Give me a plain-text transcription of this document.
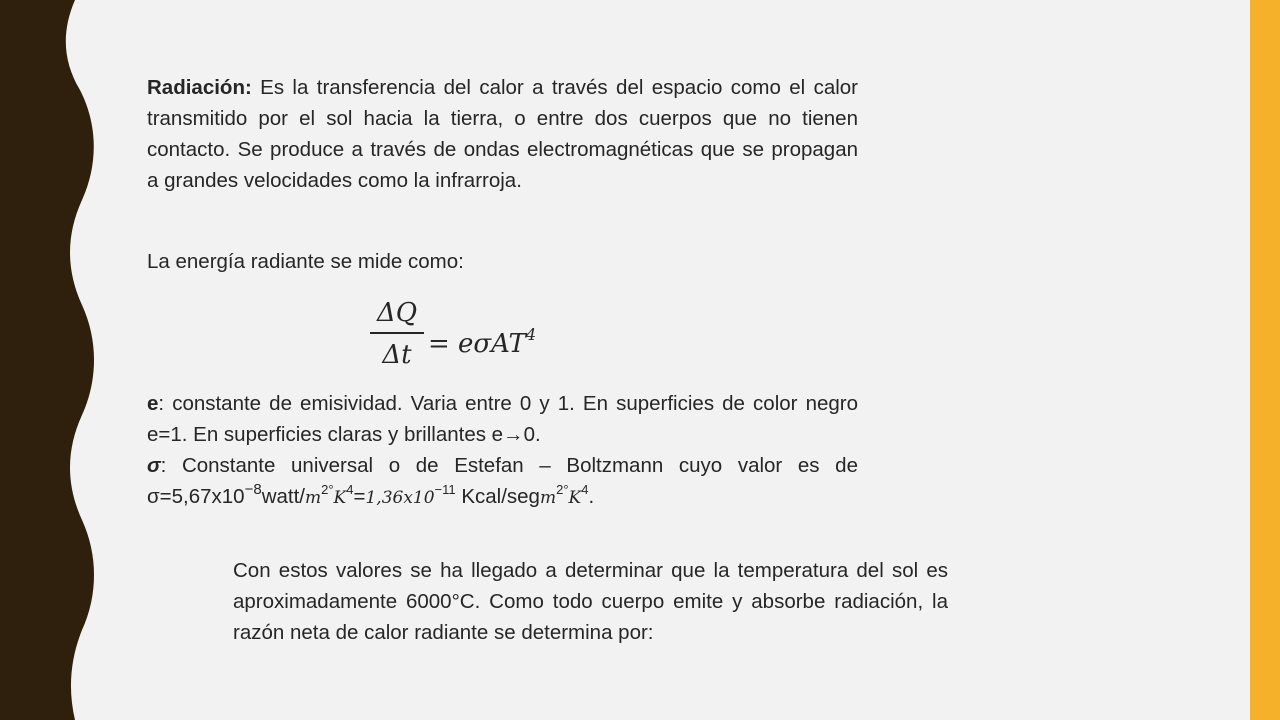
Radiación: Es la transferencia del calor a través del espacio como el calor transmitido por el sol hacia la tierra, o entre dos cuerpos que no tienen contacto. Se produce a través de ondas electromagnéticas que se propagan a grandes velocidades como la infrarroja.

La energía radiante se mide como:

ΔQ
Δt = eσAT$^4$

e: constante de emisividad. Varia entre 0 y 1. En superficies de color negro e=1. En superficies claras y brillantes e→0.

σ: Constante universal o de Estefan – Boltzmann cuyo valor es de $\sigma=5,67x10^{-8}watt/m^{2^\circ}K^4=1,36x10^{-11}$ Kcal/$segm^{2^\circ}K^4$.

Con estos valores se ha llegado a determinar que la temperatura del sol es aproximadamente 6000°C. Como todo cuerpo emite y absorbe radiación, la razón neta de calor radiante se determina por:
